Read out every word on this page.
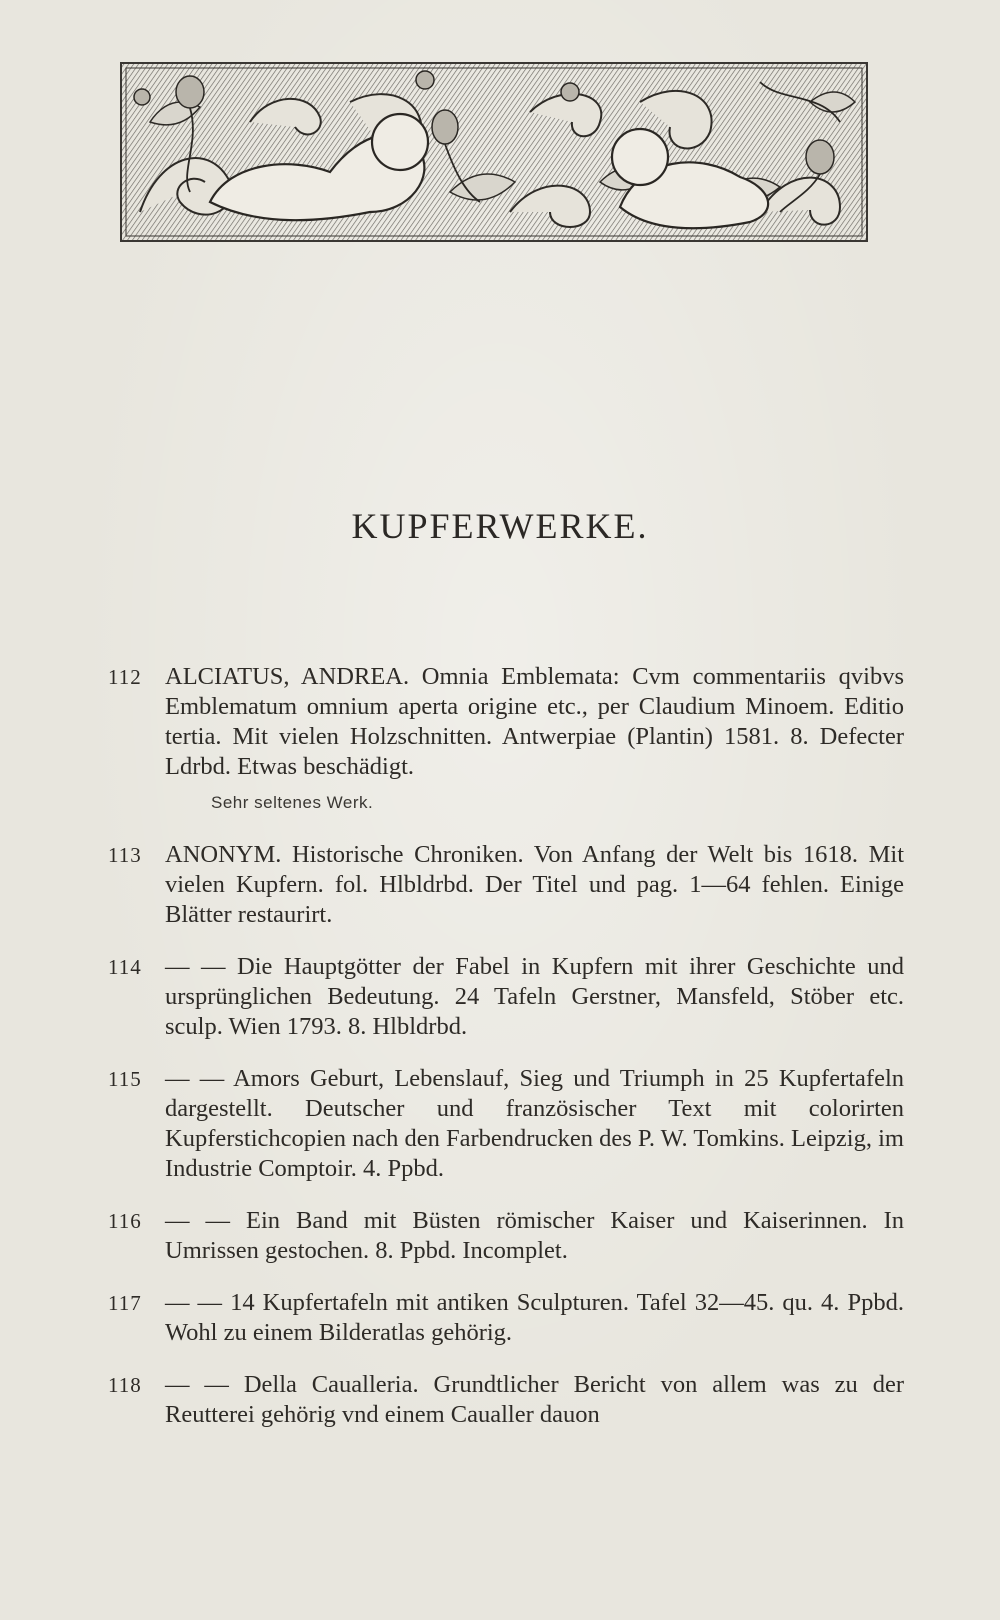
KUPFERWERKE.
112 ALCIATUS, ANDREA. Omnia Emblemata: Cvm commentariis qvibvs Emblematum omnium aperta origine etc., per Claudium Minoem. Editio tertia. Mit vielen Holzschnitten. Antwerpiae (Plantin) 1581. 8. Defecter Ldrbd. Etwas beschädigt.
Sehr seltenes Werk.
113 ANONYM. Historische Chroniken. Von Anfang der Welt bis 1618. Mit vielen Kupfern. fol. Hlbldrbd. Der Titel und pag. 1—64 fehlen. Einige Blätter restaurirt.
114 — — Die Hauptgötter der Fabel in Kupfern mit ihrer Geschichte und ursprünglichen Bedeutung. 24 Tafeln Gerstner, Mansfeld, Stöber etc. sculp. Wien 1793. 8. Hlbldrbd.
115 — — Amors Geburt, Lebenslauf, Sieg und Triumph in 25 Kupfertafeln dargestellt. Deutscher und französischer Text mit colorirten Kupferstichcopien nach den Farbendrucken des P. W. Tomkins. Leipzig, im Industrie Comptoir. 4. Ppbd.
116 — — Ein Band mit Büsten römischer Kaiser und Kaiserinnen. In Umrissen gestochen. 8. Ppbd. Incomplet.
117 — — 14 Kupfertafeln mit antiken Sculpturen. Tafel 32—45. qu. 4. Ppbd. Wohl zu einem Bilderatlas gehörig.
118 — — Della Caualleria. Grundtlicher Bericht von allem was zu der Reutterei gehörig vnd einem Caualler dauon
